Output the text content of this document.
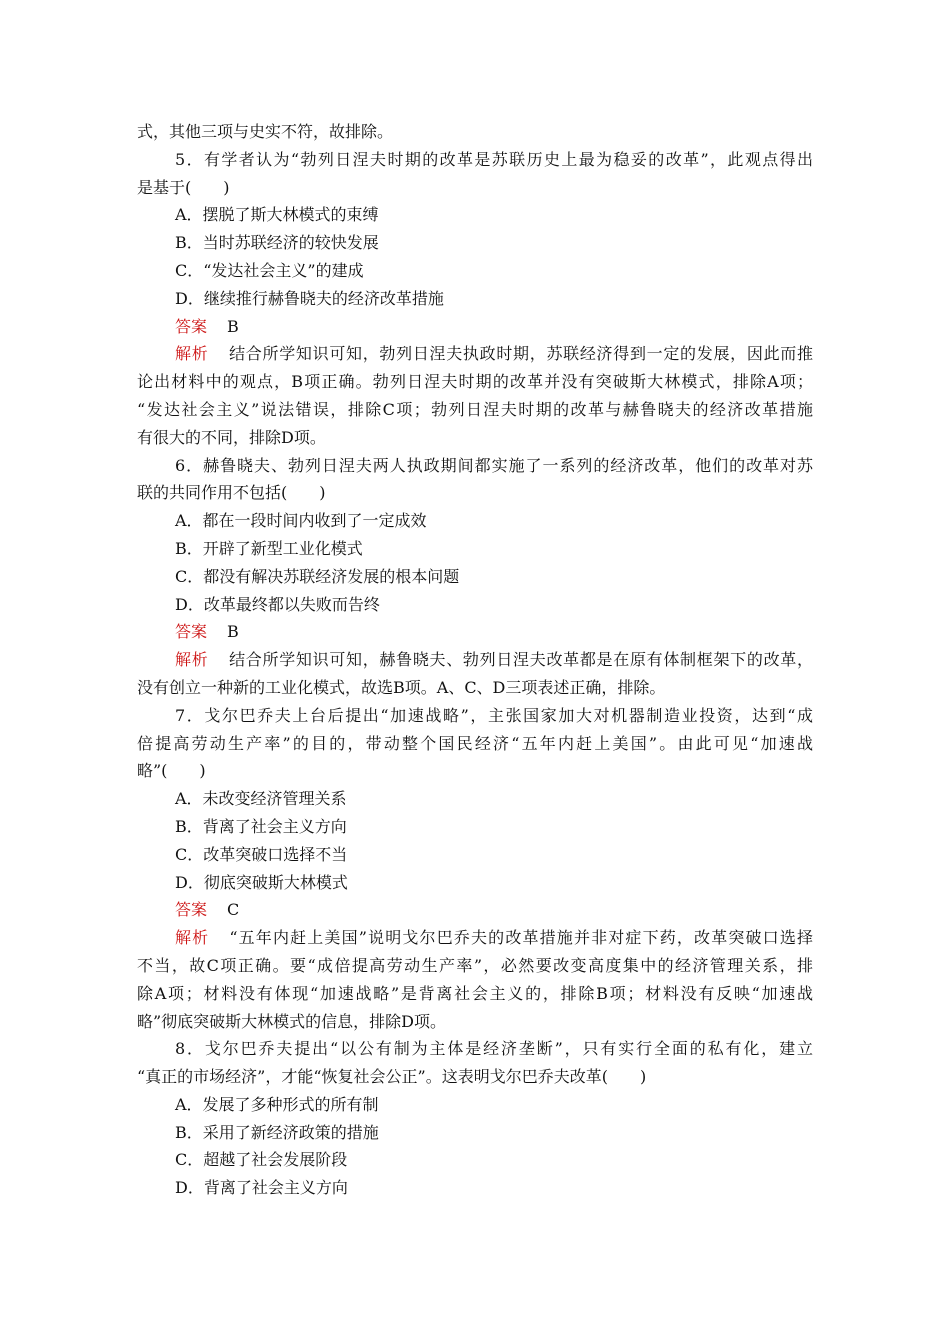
式，其他三项与史实不符，故排除。
5．有学者认为“勃列日涅夫时期的改革是苏联历史上最为稳妥的改革”，此观点得出
是基于(　　)
A．摆脱了斯大林模式的束缚
B．当时苏联经济的较快发展
C．“发达社会主义”的建成
D．继续推行赫鲁晓夫的经济改革措施
答案 B
解析 结合所学知识可知，勃列日涅夫执政时期，苏联经济得到一定的发展，因此而推
论出材料中的观点，B项正确。勃列日涅夫时期的改革并没有突破斯大林模式，排除A项；
“发达社会主义”说法错误，排除C项；勃列日涅夫时期的改革与赫鲁晓夫的经济改革措施
有很大的不同，排除D项。
6．赫鲁晓夫、勃列日涅夫两人执政期间都实施了一系列的经济改革，他们的改革对苏
联的共同作用不包括(　　)
A．都在一段时间内收到了一定成效
B．开辟了新型工业化模式
C．都没有解决苏联经济发展的根本问题
D．改革最终都以失败而告终
答案 B
解析 结合所学知识可知，赫鲁晓夫、勃列日涅夫改革都是在原有体制框架下的改革，
没有创立一种新的工业化模式，故选B项。A、C、D三项表述正确，排除。
7．戈尔巴乔夫上台后提出“加速战略”，主张国家加大对机器制造业投资，达到“成
倍提高劳动生产率”的目的，带动整个国民经济“五年内赶上美国”。由此可见“加速战
略”(　　)
A．未改变经济管理关系
B．背离了社会主义方向
C．改革突破口选择不当
D．彻底突破斯大林模式
答案 C
解析 “五年内赶上美国”说明戈尔巴乔夫的改革措施并非对症下药，改革突破口选择
不当，故C项正确。要“成倍提高劳动生产率”，必然要改变高度集中的经济管理关系，排
除A项；材料没有体现“加速战略”是背离社会主义的，排除B项；材料没有反映“加速战
略”彻底突破斯大林模式的信息，排除D项。
8．戈尔巴乔夫提出“以公有制为主体是经济垄断”，只有实行全面的私有化，建立
“真正的市场经济”，才能“恢复社会公正”。这表明戈尔巴乔夫改革(　　)
A．发展了多种形式的所有制
B．采用了新经济政策的措施
C．超越了社会发展阶段
D．背离了社会主义方向
